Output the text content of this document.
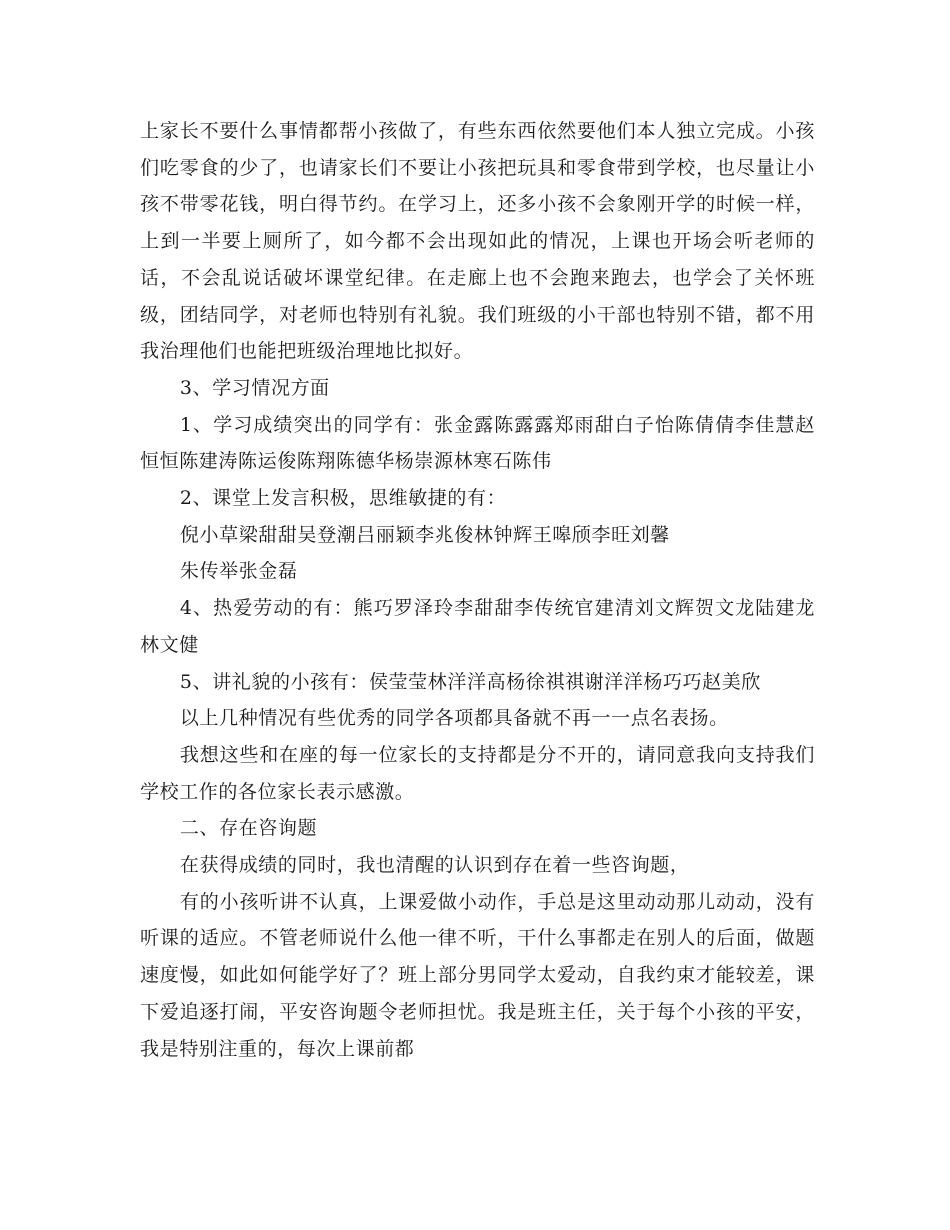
上家长不要什么事情都帮小孩做了，有些东西依然要他们本人独立完成。小孩们吃零食的少了，也请家长们不要让小孩把玩具和零食带到学校，也尽量让小孩不带零花钱，明白得节约。在学习上，还多小孩不会象刚开学的时候一样，上到一半要上厕所了，如今都不会出现如此的情况，上课也开场会听老师的话，不会乱说话破坏课堂纪律。在走廊上也不会跑来跑去，也学会了关怀班级，团结同学，对老师也特别有礼貌。我们班级的小干部也特别不错，都不用我治理他们也能把班级治理地比拟好。

3、学习情况方面

1、学习成绩突出的同学有：张金露陈露露郑雨甜白子怡陈倩倩李佳慧赵恒恒陈建涛陈运俊陈翔陈德华杨崇源林寒石陈伟

2、课堂上发言积极，思维敏捷的有：

倪小草梁甜甜吴登潮吕丽颖李兆俊林钟辉王嗥颀李旺刘馨

朱传举张金磊

4、热爱劳动的有：熊巧罗泽玲李甜甜李传统官建清刘文辉贺文龙陆建龙林文健

5、讲礼貌的小孩有：侯莹莹林洋洋高杨徐祺祺谢洋洋杨巧巧赵美欣

以上几种情况有些优秀的同学各项都具备就不再一一点名表扬。

我想这些和在座的每一位家长的支持都是分不开的，请同意我向支持我们学校工作的各位家长表示感激。

二、存在咨询题

在获得成绩的同时，我也清醒的认识到存在着一些咨询题，

有的小孩听讲不认真，上课爱做小动作，手总是这里动动那儿动动，没有听课的适应。不管老师说什么他一律不听，干什么事都走在别人的后面，做题速度慢，如此如何能学好了？班上部分男同学太爱动，自我约束才能较差，课下爱追逐打闹，平安咨询题令老师担忧。我是班主任，关于每个小孩的平安，我是特别注重的，每次上课前都
